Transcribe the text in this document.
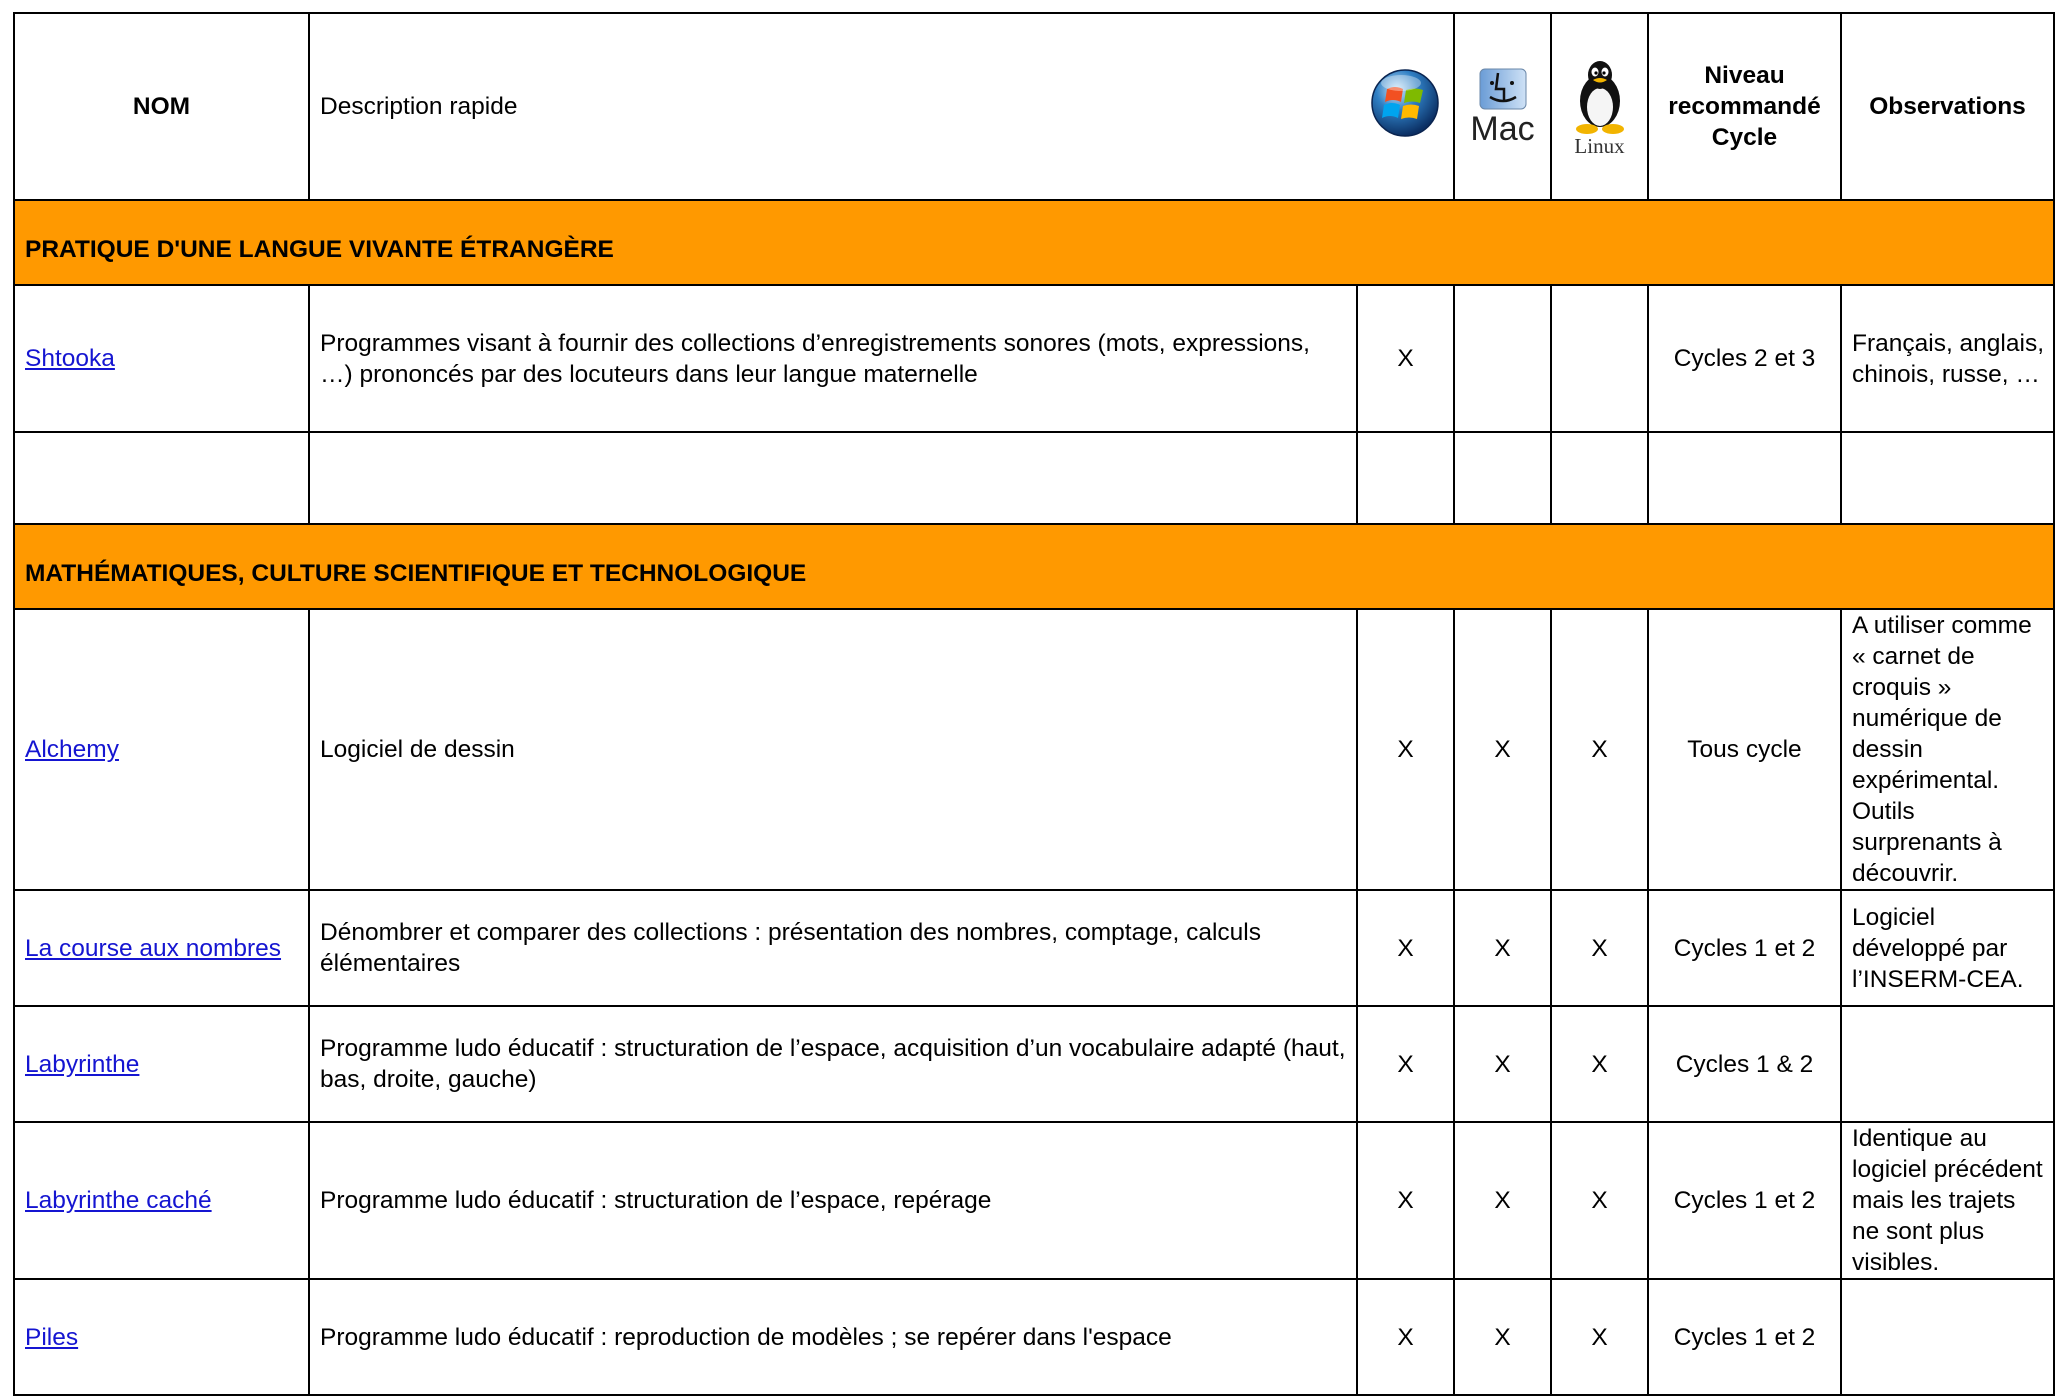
NOM	Description rapide		Mac	Linux	Niveau
recommandé
Cycle	Observations
PRATIQUE D'UNE LANGUE VIVANTE ÉTRANGÈRE						
Shtooka	Programmes visant à fournir des collections d’enregistrements sonores (mots, expressions, …) prononcés par des locuteurs dans leur langue maternelle	X			Cycles 2 et 3	Français, anglais, chinois, russe, …

MATHÉMATIQUES, CULTURE SCIENTIFIQUE ET TECHNOLOGIQUE						
Alchemy	Logiciel de dessin	X	X	X	Tous cycle	A utiliser comme « carnet de croquis » numérique de dessin expérimental. Outils surprenants à découvrir.
La course aux nombres	Dénombrer et comparer des collections : présentation des nombres, comptage, calculs élémentaires	X	X	X	Cycles 1 et 2	Logiciel développé par l’INSERM-CEA.
Labyrinthe	Programme ludo éducatif : structuration de l’espace, acquisition d’un vocabulaire adapté (haut, bas, droite, gauche)	X	X	X	Cycles 1 & 2	
Labyrinthe caché	Programme ludo éducatif : structuration de l’espace, repérage	X	X	X	Cycles 1 et 2	Identique au logiciel précédent mais les trajets ne sont plus visibles.
Piles	Programme ludo éducatif : reproduction de modèles ; se repérer dans l'espace	X	X	X	Cycles 1 et 2	
